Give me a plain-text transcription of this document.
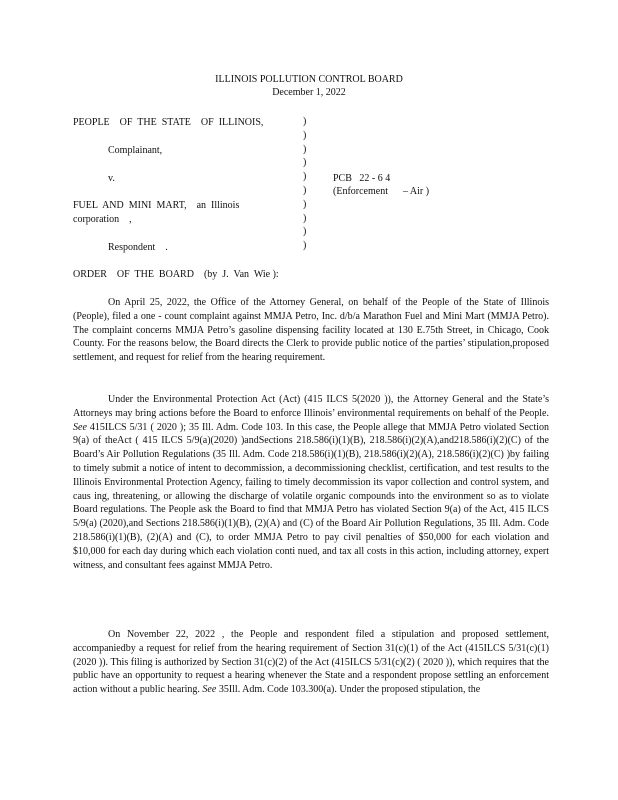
ILLINOIS POLLUTION CONTROL BOARD
December 1, 2022
PEOPLE    OF  THE  STATE    OF  ILLINOIS,
Complainant,
v.
FUEL  AND  MINI  MART,    an  Illinois
corporation    ,
Respondent    .
)
)
)
)
)
)
)
)
)
)
PCB   22 - 6 4
(Enforcement      – Air )
ORDER    OF  THE  BOARD    (by  J.  Van  Wie ):

On April 25, 2022, the Office of the Attorney General, on behalf of the People of the State of Illinois (People), filed a one - count complaint against MMJA Petro, Inc. d/b/a Marathon Fuel and Mini Mart (MMJA Petro). The complaint concerns MMJA Petro’s gasoline dispensing facility located at 130 E.75th Street, in Chicago, Cook County. For the reasons below, the Board directs the Clerk to provide public notice of the parties’ stipulation,proposed settlement, and request for relief from the hearing requirement.

Under the Environmental Protection Act (Act) (415 ILCS 5(2020 )), the Attorney General and the State’s Attorneys may bring actions before the Board to enforce Illinois’ environmental requirements on behalf of the People. See 415ILCS 5/31 ( 2020 ); 35 Ill. Adm. Code 103. In this case, the People allege that MMJA Petro violated Section 9(a) of theAct ( 415 ILCS 5/9(a)(2020) )andSections 218.586(i)(1)(B), 218.586(i)(2)(A),and218.586(i)(2)(C) of the Board’s Air Pollution Regulations (35 Ill. Adm. Code 218.586(i)(1)(B), 218.586(i)(2)(A), 218.586(i)(2)(C) )by failing to timely submit a notice of intent to decommission, a decommissioning checklist, certification, and test results to the Illinois Environmental Protection Agency, failing to timely decommission its vapor collection and control system, and caus ing, threatening, or allowing the discharge of volatile organic compounds into the environment so as to violate Board regulations. The People ask the Board to find that MMJA Petro has violated Section 9(a) of the Act, 415 ILCS 5/9(a) (2020),and Sections 218.586(i)(1)(B), (2)(A) and (C) of the Board Air Pollution Regulations, 35 Ill. Adm. Code 218.586(i)(1)(B), (2)(A) and (C), to order MMJA Petro to pay civil penalties of $50,000 for each violation and $10,000 for each day during which each violation conti nued, and tax all costs in this action, including attorney, expert witness, and consultant fees against MMJA Petro.

On November 22, 2022 , the People and respondent filed a stipulation and proposed settlement, accompaniedby a request for relief from the hearing requirement of Section 31(c)(1) of the Act (415ILCS 5/31(c)(1) (2020 )). This filing is authorized by Section 31(c)(2) of the Act (415ILCS 5/31(c)(2) ( 2020 )), which requires that the public have an opportunity to request a hearing whenever the State and a respondent propose settling an enforcement action without a public hearing. See 35Ill. Adm. Code 103.300(a). Under the proposed stipulation, the
